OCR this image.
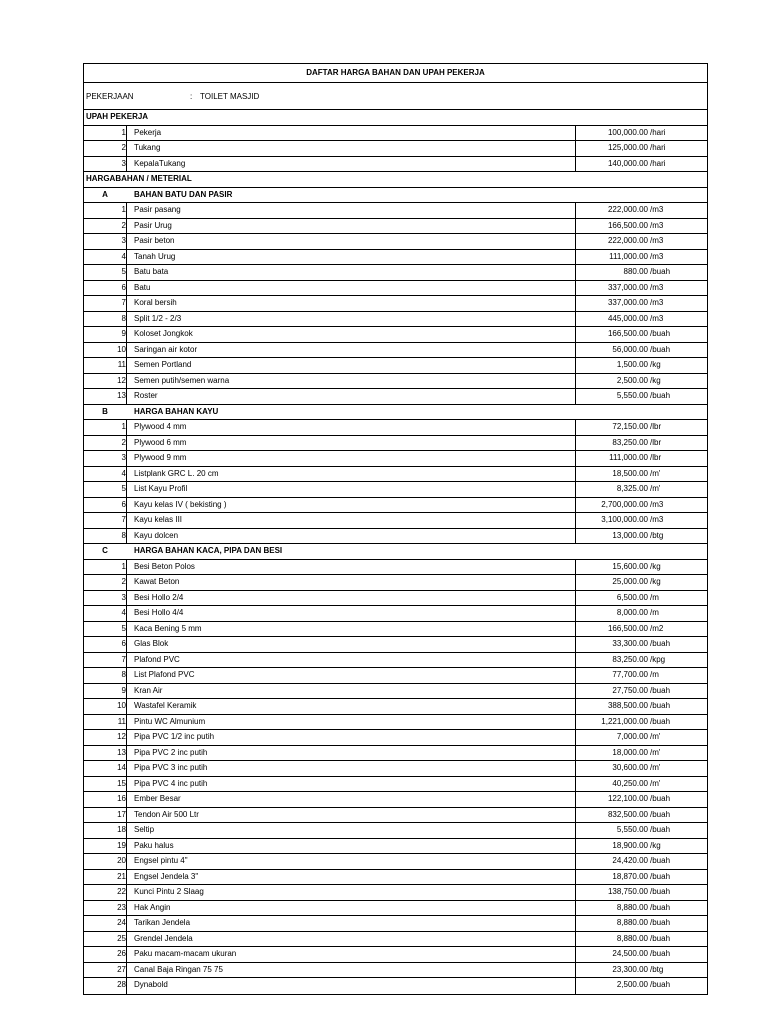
DAFTAR HARGA BAHAN DAN UPAH PEKERJA
PEKERJAAN	: TOILET MASJID
UPAH PEKERJA
1 Pekerja	100,000.00 /hari
2 Tukang	125,000.00 /hari
3 KepalaTukang	140,000.00 /hari
HARGABAHAN / METERIAL
A	BAHAN BATU DAN PASIR
1 Pasir pasang	222,000.00 /m3
2 Pasir Urug	166,500.00 /m3
3 Pasir beton	222,000.00 /m3
4 Tanah Urug	111,000.00 /m3
5 Batu bata	880.00 /buah
6 Batu	337,000.00 /m3
7 Koral bersih	337,000.00 /m3
8 Split 1/2 - 2/3	445,000.00 /m3
9 Koloset Jongkok	166,500.00 /buah
10 Saringan air kotor	56,000.00 /buah
11 Semen Portland	1,500.00 /kg
12 Semen putih/semen warna	2,500.00 /kg
13 Roster	5,550.00 /buah
B	HARGA BAHAN KAYU
1 Plywood 4 mm	72,150.00 /lbr
2 Plywood 6 mm	83,250.00 /lbr
3 Plywood 9 mm	111,000.00 /lbr
4 Listplank GRC L. 20 cm	18,500.00 /m'
5 List Kayu Profil	8,325.00 /m'
6 Kayu kelas IV ( bekisting )	2,700,000.00 /m3
7 Kayu kelas III	3,100,000.00 /m3
8 Kayu dolcen	13,000.00 /btg
C	HARGA BAHAN KACA, PIPA DAN BESI
1 Besi Beton Polos	15,600.00 /kg
2 Kawat Beton	25,000.00 /kg
3 Besi Hollo 2/4	6,500.00 /m
4 Besi Hollo 4/4	8,000.00 /m
5 Kaca Bening 5 mm	166,500.00 /m2
6 Glas Blok	33,300.00 /buah
7 Plafond PVC	83,250.00 /kpg
8 List Plafond PVC	77,700.00 /m
9 Kran Air	27,750.00 /buah
10 Wastafel Keramik	388,500.00 /buah
11 Pintu WC Almunium	1,221,000.00 /buah
12 Pipa PVC 1/2 inc putih	7,000.00 /m'
13 Pipa PVC 2 inc putih	18,000.00 /m'
14 Pipa PVC 3 inc putih	30,600.00 /m'
15 Pipa PVC 4 inc putih	40,250.00 /m'
16 Ember Besar	122,100.00 /buah
17 Tendon Air 500 Ltr	832,500.00 /buah
18 Seltip	5,550.00 /buah
19 Paku halus	18,900.00 /kg
20 Engsel pintu 4"	24,420.00 /buah
21 Engsel Jendela 3"	18,870.00 /buah
22 Kunci Pintu 2 Slaag	138,750.00 /buah
23 Hak Angin	8,880.00 /buah
24 Tarikan Jendela	8,880.00 /buah
25 Grendel Jendela	8,880.00 /buah
26 Paku macam-macam ukuran	24,500.00 /buah
27 Canal Baja Ringan 75 75	23,300.00 /btg
28 Dynabold	2,500.00 /buah
